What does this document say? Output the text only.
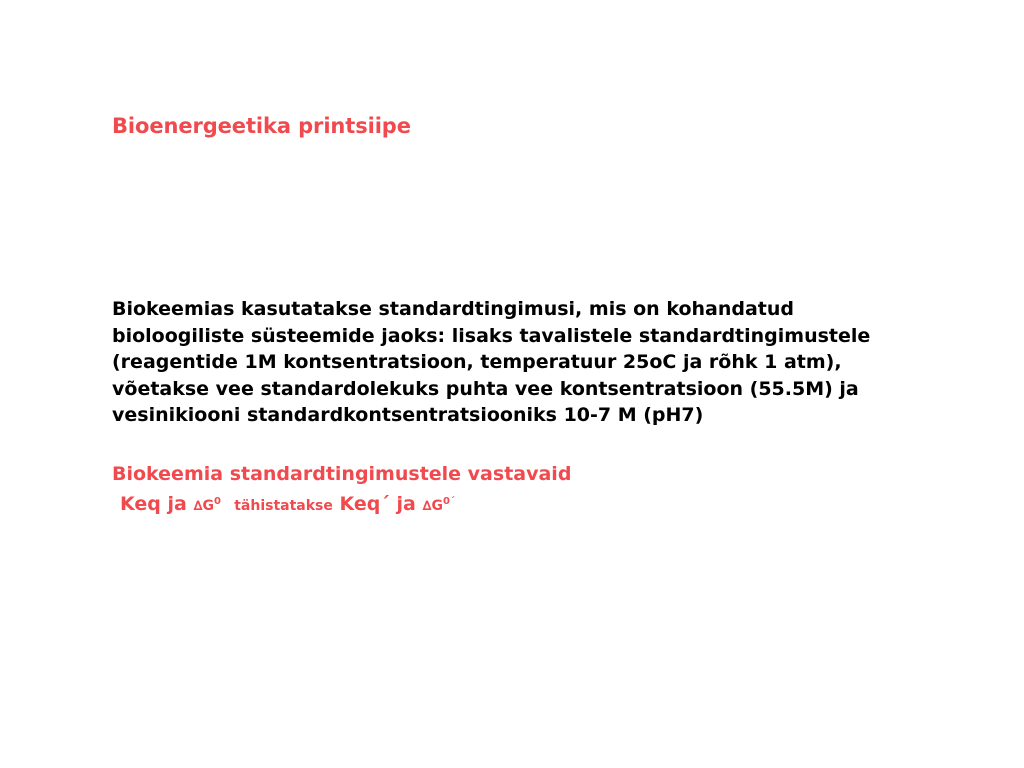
Bioenergeetika printsiipe
Biokeemias kasutatakse standardtingimusi, mis on kohandatud
bioloogiliste süsteemide jaoks: lisaks tavalistele standardtingimustele
(reagentide 1M kontsentratsioon, temperatuur 25oC ja rõhk 1 atm),
võetakse vee standardolekuks puhta vee kontsentratsioon (55.5M) ja
vesinikiooni standardkontsentratsiooniks 10-7 M (pH7)
Biokeemia standardtingimustele vastavaid
Keq ja $\Delta G^0$ tähistatakse Keq´ ja $\Delta G^{0´}$
